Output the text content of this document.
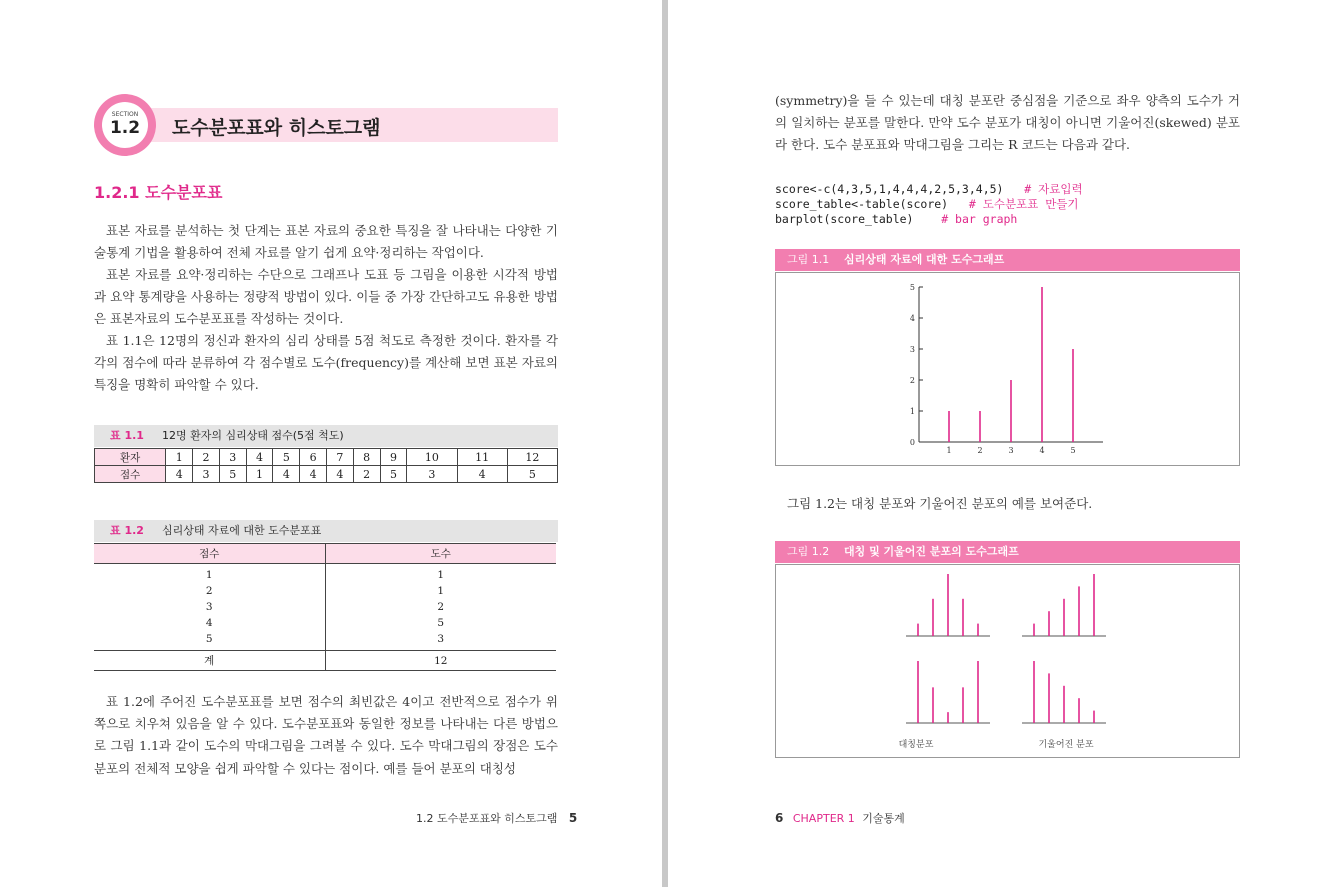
SECTION
1.2	도수분포표와 히스토그램
1.2.1 도수분포표
표본 자료를 분석하는 첫 단계는 표본 자료의 중요한 특징을 잘 나타내는 다양한 기술통계 기법을 활용하여 전체 자료를 알기 쉽게 요약·정리하는 작업이다.
표본 자료를 요약·정리하는 수단으로 그래프나 도표 등 그림을 이용한 시각적 방법과 요약 통계량을 사용하는 정량적 방법이 있다. 이들 중 가장 간단하고도 유용한 방법은 표본자료의 도수분포표를 작성하는 것이다.
표 1.1은 12명의 정신과 환자의 심리 상태를 5점 척도로 측정한 것이다. 환자를 각각의 점수에 따라 분류하여 각 점수별로 도수(frequency)를 계산해 보면 표본 자료의 특징을 명확히 파악할 수 있다.
표 1.1 12명 환자의 심리상태 점수(5점 척도)
환자	1	2	3	4	5	6	7	8	9	10	11	12
점수	4	3	5	1	4	4	4	2	5	3	4	5
표 1.2 심리상태 자료에 대한 도수분포표
점수	도수
1	1
2	1
3	2
4	5
5	3
계	12
표 1.2에 주어진 도수분포표를 보면 점수의 최빈값은 4이고 전반적으로 점수가 위쪽으로 치우쳐 있음을 알 수 있다. 도수분포표와 동일한 정보를 나타내는 다른 방법으로 그림 1.1과 같이 도수의 막대그림을 그려볼 수 있다. 도수 막대그림의 장점은 도수분포의 전체적 모양을 쉽게 파악할 수 있다는 점이다. 예를 들어 분포의 대칭성
1.2 도수분포표와 히스토그램 5
(symmetry)을 들 수 있는데 대칭 분포란 중심점을 기준으로 좌우 양측의 도수가 거의 일치하는 분포를 말한다. 만약 도수 분포가 대칭이 아니면 기울어진(skewed) 분포라 한다. 도수 분포표와 막대그림을 그리는 R 코드는 다음과 같다.
score<-c(4,3,5,1,4,4,4,2,5,3,4,5) # 자료입력
score_table<-table(score) # 도수분포표 만들기
barplot(score_table) # bar graph
그림 1.1 심리상태 자료에 대한 도수그래프
0
1
2
3
4
5
1	2	3	4	5
그림 1.2는 대칭 분포와 기울어진 분포의 예를 보여준다.
그림 1.2 대칭 및 기울어진 분포의 도수그래프
대칭분포	기울어진 분포
6 CHAPTER 1 기술통계
